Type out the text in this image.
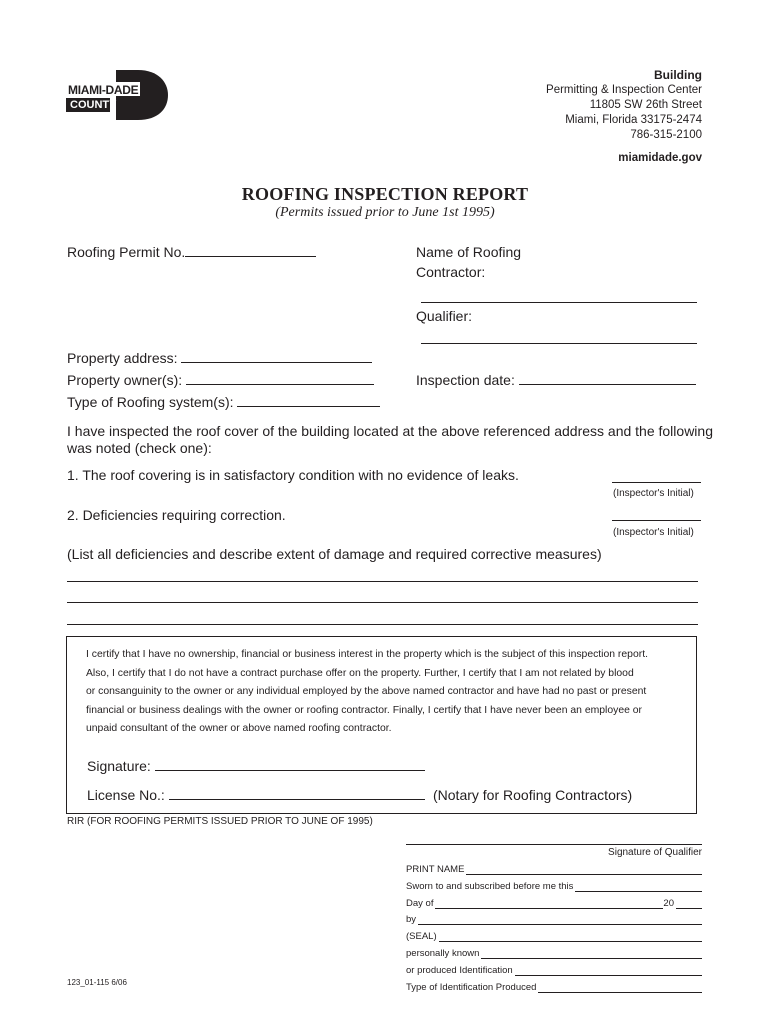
MIAMI-DADE
COUNTY
Building
Permitting & Inspection Center
11805 SW 26th Street
Miami, Florida 33175-2474
786-315-2100
miamidade.gov
ROOFING INSPECTION REPORT
(Permits issued prior to June 1st 1995)
Roofing Permit No.	Name of Roofing
Contractor:
Qualifier:
Property address:
Property owner(s):	Inspection date:
Type of Roofing system(s):
I have inspected the roof cover of the building located at the above referenced address and the following
was noted (check one):
1. The roof covering is in satisfactory condition with no evidence of leaks.
(Inspector's Initial)
2. Deficiencies requiring correction.
(Inspector's Initial)
(List all deficiencies and describe extent of damage and required corrective measures)
I certify that I have no ownership, financial or business interest in the property which is the subject of this inspection report.
Also, I certify that I do not have a contract purchase offer on the property. Further, I certify that I am not related by blood
or consanguinity to the owner or any individual employed by the above named contractor and have had no past or present
financial or business dealings with the owner or roofing contractor. Finally, I certify that I have never been an employee or
unpaid consultant of the owner or above named roofing contractor.
Signature:
License No.:	(Notary for Roofing Contractors)
RIR (FOR ROOFING PERMITS ISSUED PRIOR TO JUNE OF 1995)
Signature of Qualifier
PRINT NAME
Sworn to and subscribed before me this
Day of	20
by
(SEAL)
personally known
or produced Identification
Type of Identification Produced
123_01-115 6/06
